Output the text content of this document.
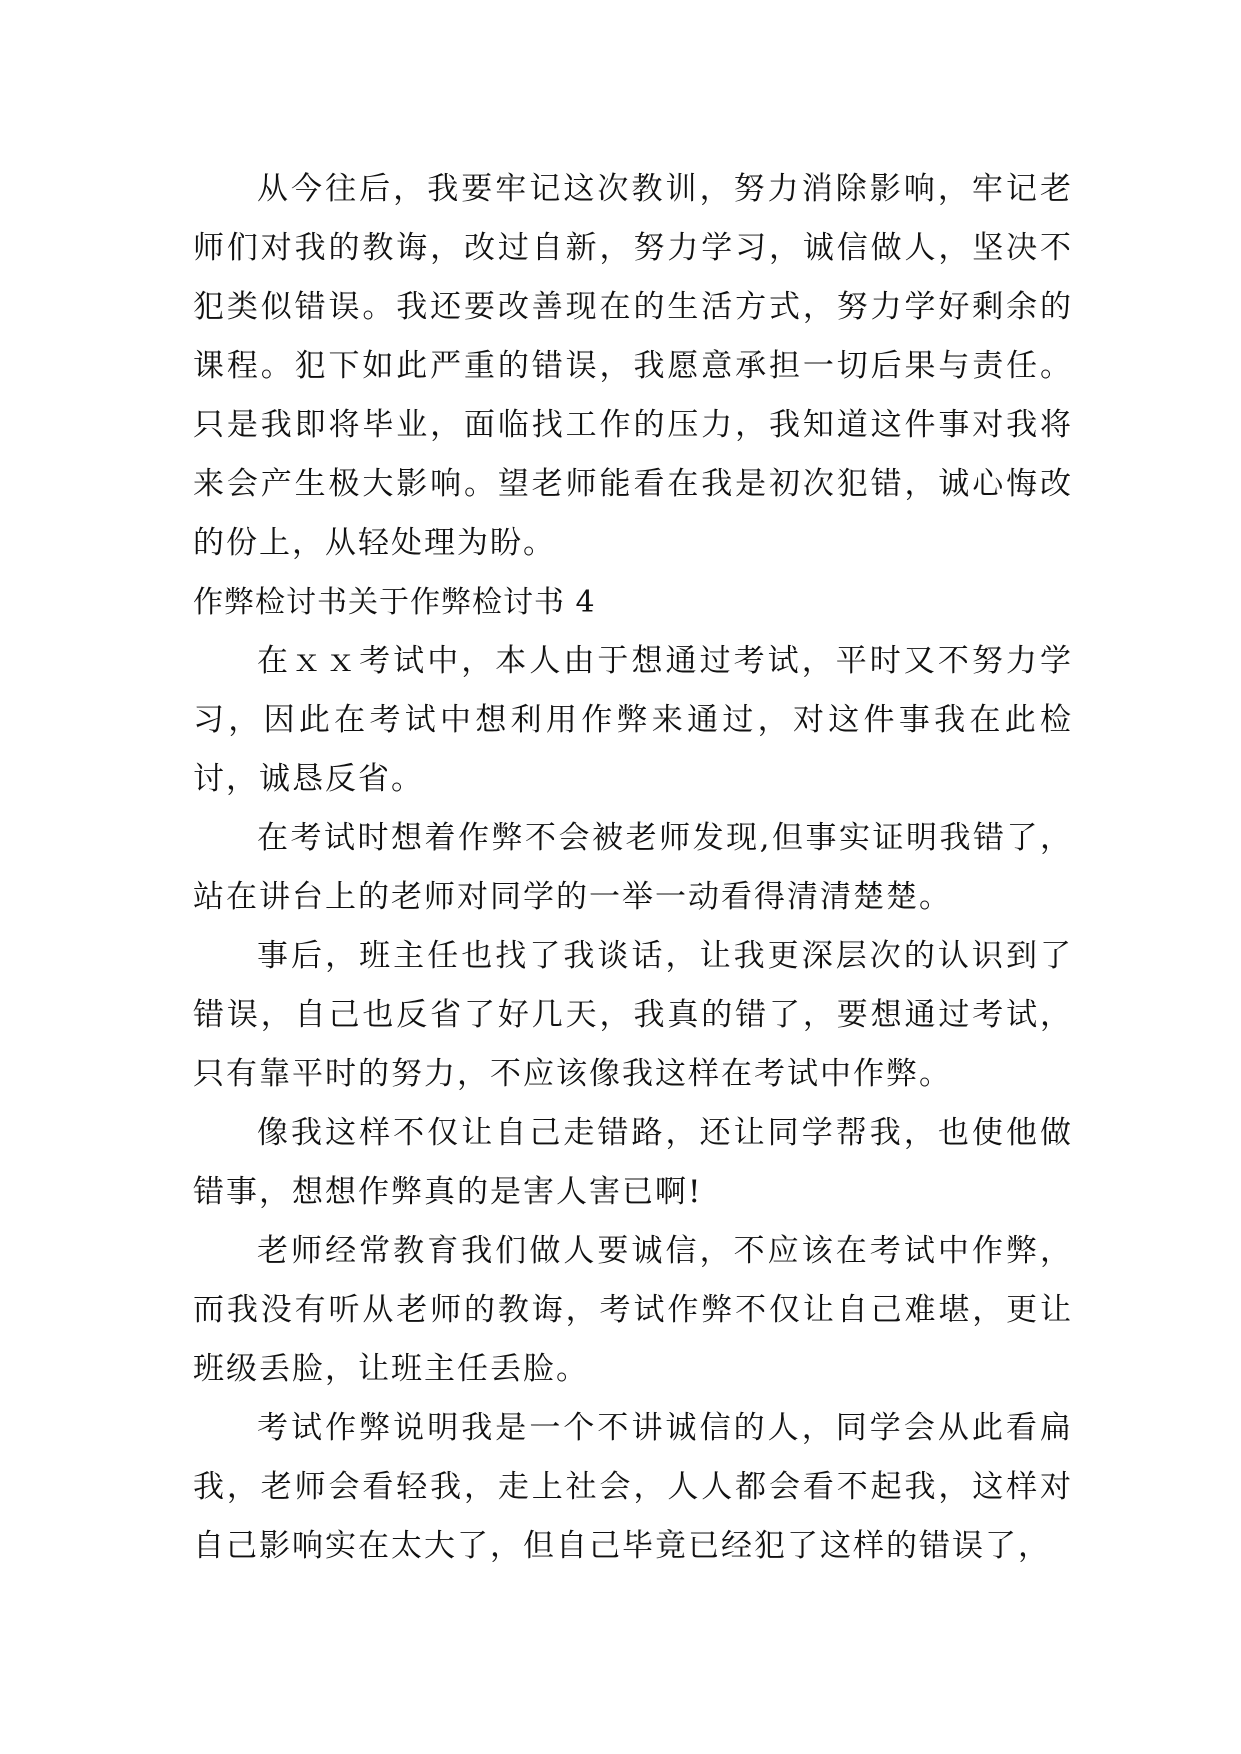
从今往后，我要牢记这次教训，努力消除影响，牢记老师们对我的教诲，改过自新，努力学习，诚信做人，坚决不犯类似错误。我还要改善现在的生活方式，努力学好剩余的课程。犯下如此严重的错误，我愿意承担一切后果与责任。只是我即将毕业，面临找工作的压力，我知道这件事对我将来会产生极大影响。望老师能看在我是初次犯错，诚心悔改的份上，从轻处理为盼。

作弊检讨书关于作弊检讨书 4

在ｘｘ考试中，本人由于想通过考试，平时又不努力学习，因此在考试中想利用作弊来通过，对这件事我在此检讨，诚恳反省。

在考试时想着作弊不会被老师发现,但事实证明我错了，站在讲台上的老师对同学的一举一动看得清清楚楚。

事后，班主任也找了我谈话，让我更深层次的认识到了错误，自己也反省了好几天，我真的错了，要想通过考试，只有靠平时的努力，不应该像我这样在考试中作弊。

像我这样不仅让自己走错路，还让同学帮我，也使他做错事，想想作弊真的是害人害已啊!

老师经常教育我们做人要诚信，不应该在考试中作弊，而我没有听从老师的教诲，考试作弊不仅让自己难堪，更让班级丢脸，让班主任丢脸。

考试作弊说明我是一个不讲诚信的人，同学会从此看扁我，老师会看轻我，走上社会，人人都会看不起我，这样对自己影响实在太大了，但自己毕竟已经犯了这样的错误了，
